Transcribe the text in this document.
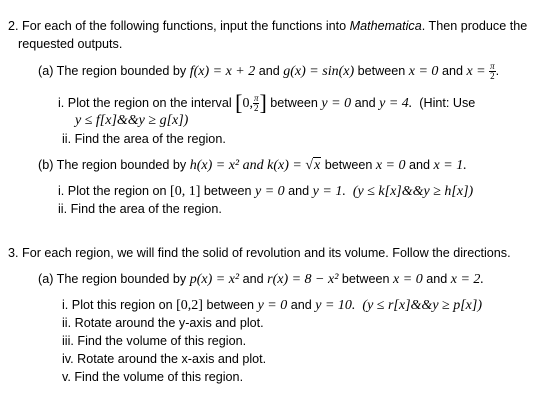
2. For each of the following functions, input the functions into Mathematica. Then produce the
requested outputs.
(a) The region bounded by f(x) = x + 2 and g(x) = sin(x) between x = 0 and $x = \frac{\pi}{2}$ .
i. Plot the region on the interval [0, $\frac{\pi}{2}$ ] between y = 0 and y = 4. (Hint: Use
y ≤ f[x]&&y ≥ g[x])
ii. Find the area of the region.
(b) The region bounded by h(x) = x² and k(x) = √x between x = 0 and x = 1.
i. Plot the region on [0, 1] between y = 0 and y = 1. (y ≤ k[x]&&y ≥ h[x])
ii. Find the area of the region.
3. For each region, we will find the solid of revolution and its volume. Follow the directions.
(a) The region bounded by p(x) = x² and r(x) = 8 − x² between x = 0 and x = 2.
i. Plot this region on [0,2] between y = 0 and y = 10. (y ≤ r[x]&&y ≥ p[x])
ii. Rotate around the y-axis and plot.
iii. Find the volume of this region.
iv. Rotate around the x-axis and plot.
v. Find the volume of this region.
